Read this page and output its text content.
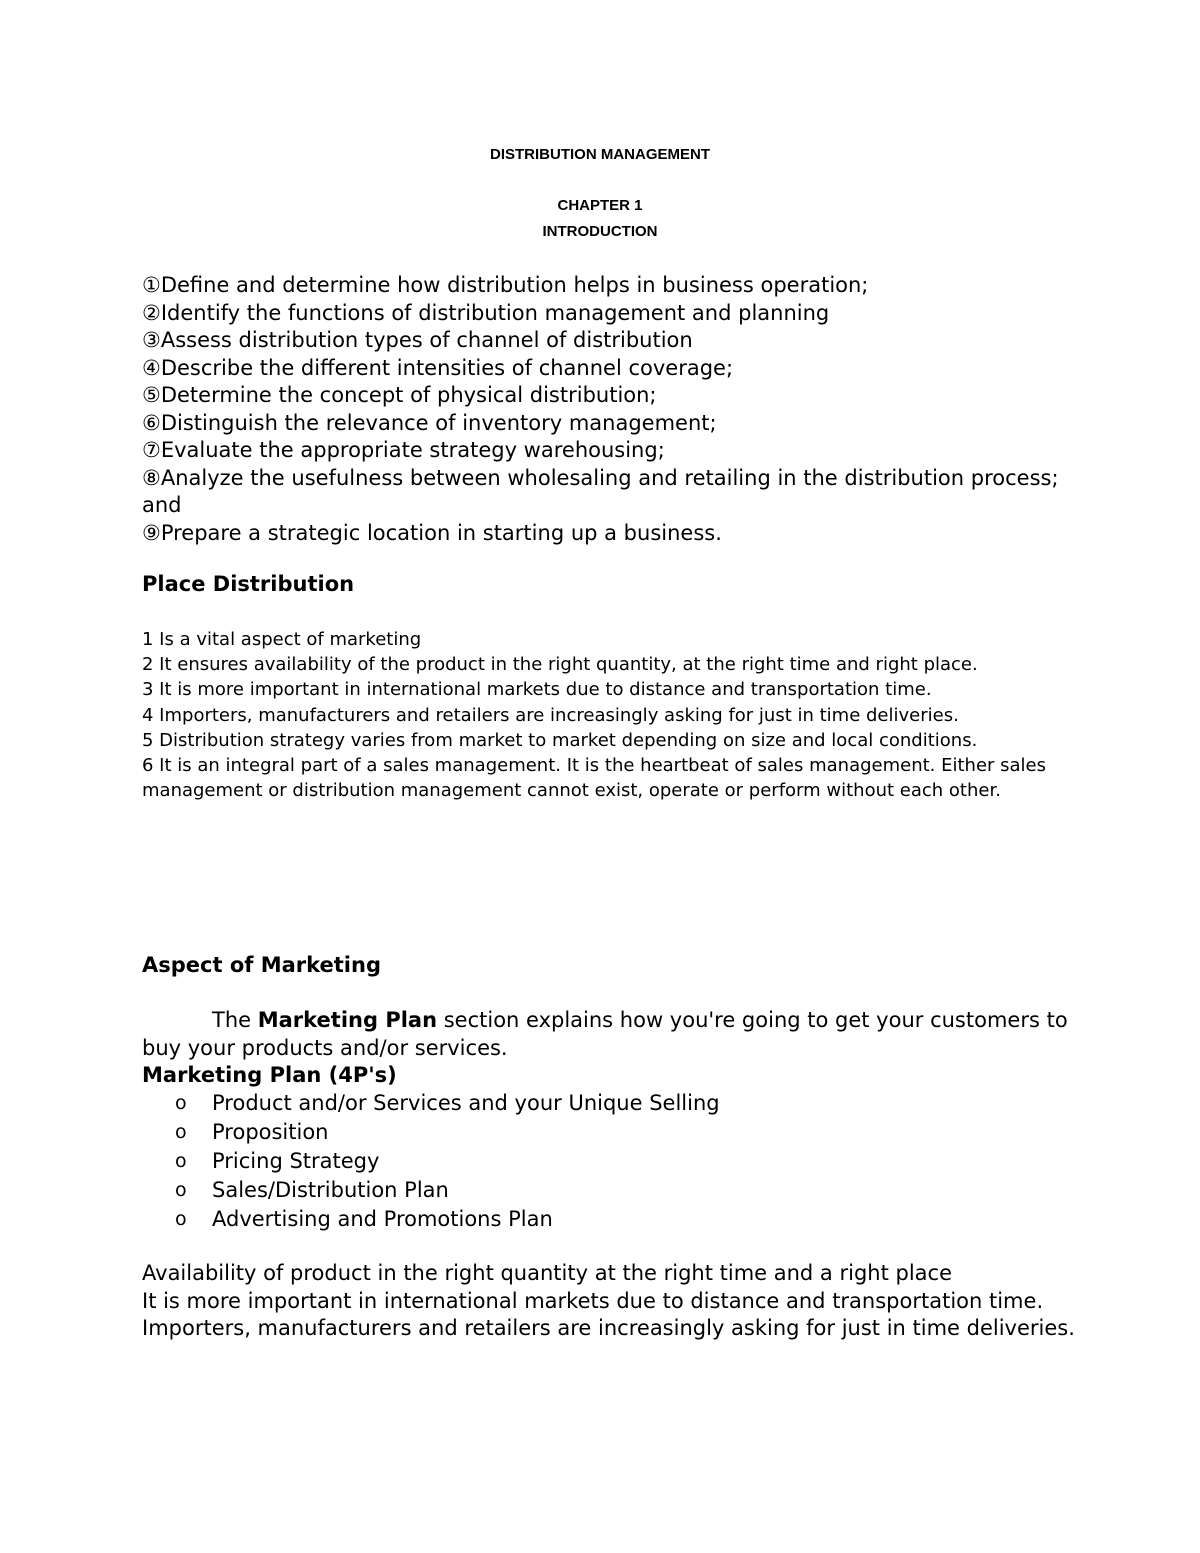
DISTRIBUTION MANAGEMENT
CHAPTER 1
INTRODUCTION
①Define and determine how distribution helps in business operation;
②Identify the functions of distribution management and planning
③Assess distribution types of channel of distribution
④Describe the different intensities of channel coverage;
⑤Determine the concept of physical distribution;
⑥Distinguish the relevance of inventory management;
⑦Evaluate the appropriate strategy warehousing;
⑧Analyze the usefulness between wholesaling and retailing in the distribution process; and
⑨Prepare a strategic location in starting up a business.
Place Distribution
1 Is a vital aspect of marketing
2 It ensures availability of the product in the right quantity, at the right time and right place.
3 It is more important in international markets due to distance and transportation time.
4 Importers, manufacturers and retailers are increasingly asking for just in time deliveries.
5 Distribution strategy varies from market to market depending on size and local conditions.
6 It is an integral part of a sales management. It is the heartbeat of sales management. Either sales management or distribution management cannot exist, operate or perform without each other.
Aspect of Marketing

The Marketing Plan section explains how you're going to get your customers to buy your products and/or services.

Marketing Plan (4P's)

o Product and/or Services and your Unique Selling
o Proposition
o Pricing Strategy
o Sales/Distribution Plan
o Advertising and Promotions Plan
Availability of product in the right quantity at the right time and a right place
It is more important in international markets due to distance and transportation time.
Importers, manufacturers and retailers are increasingly asking for just in time deliveries.
